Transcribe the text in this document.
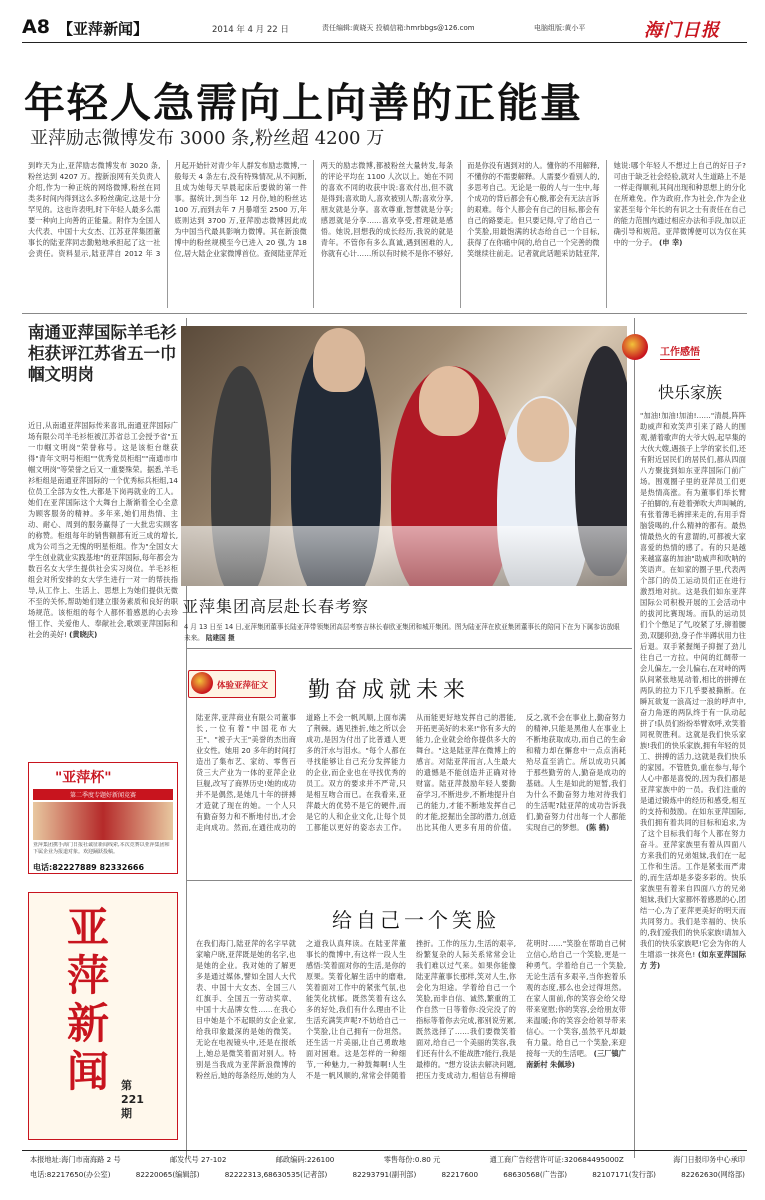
A8 【亚萍新闻】	2014 年 4 月 22 日	责任编辑:黄晓天 投稿信箱:hmrbbgs@126.com	电脑组版:黄小平	海门日报
年轻人急需向上向善的正能量
亚萍励志微博发布 3000 条,粉丝超 4200 万
到昨天为止,亚萍励志微博发布 3020 条,粉丝达到 4207 万。搜新浪网有关负责人介绍,作为一种正统的网络微博,粉丝在同类多时间内得到这么多粉丝确定,这是十分罕见的。这也许表明,时下年轻人最多么需要一种向上向善的正能量。附作为全国人大代表、中国十大女杰、江苏亚萍集团董事长的陆亚萍同志勤勉地承担起了这一社会责任。资料显示,陆亚萍自 2012 年 3 月起开始针对青少年人群发布励志微博,一般每天 4 条左右,没有特殊情况,从不间断,且成为她每天早晨起床后要做的第一件事。据统计,到当年 12 月份,她的粉丝达 100 万,而到去年 7 月暴增至 2500 万,年底则达到 3700 万,亚萍励志微博因此成为中国当代最具影响力微博。其在新浪微博中的粉丝规模至今已进入 20 强,为 18 位,居大陆企业家微博首位。查阅陆亚萍近两天的励志微博,都被粉丝大量转发,每条的评论平均在 1100 人次以上。她在不同的喜欢不同的收获中说:喜欢付出,但不就是得到;喜欢助人,喜欢被别人帮;喜欢分享,朋友就是分享。喜欢尊重,智慧就是分享;感恩就是分享……喜欢享受,哲理就是感悟。她说,回想我的成长经历,我说的就是青年。不管你有多么真诚,遇到困难的人,你就有心计……所以有时候不是你不够好,而是你没有遇到对的人。懂你的不用解释,不懂你的不需要解释。人需要少看别人的,多思考自己。无论是一般的人与一生中,每个成功的背后都会有心酸,都会有无法言诉的艰难。每个人都会有自己的目标,都会有自己的路要走。但只要记得,守了给自己一个笑脸,用最饱满的状态给自己一个目标,获得了在你痛中间的,给自己一个完善的微笑继续往前走。记者就此话题采访陆亚萍,她说:哪个年轻人不想过上自己的好日子?可由于缺乏社会经验,就对人生道路上不是一样走得顺利,其间出现和种思想上的分化在所难免。作为政府,作为社会,作为企业家甚至每个年长的有识之士有责任在自己的能力范围内通过相应办法和手段,加以正确引导和规范。亚萍微博便可以为仅在其中的一分子。 (申 幸)
南通亚萍国际羊毛衫柜获评江苏省五一巾帼文明岗
近日,从南通亚萍国际传来喜讯,南通亚萍国际广场有限公司羊毛衫柜被江苏省总工会授予省"五一巾帼文明岗"荣誉称号。这是该柜台继获得"青年文明号柜组""优秀党员柜组""南通市巾帼文明岗"等荣誉之后又一重要殊荣。据悉,羊毛衫柜组是南通亚萍国际的一个优秀标兵柜组,14位员工全部为女性,大都是下岗再就业的工人。她们在亚萍国际这个大舞台上渐渐着全心全意为顾客服务的精神。多年来,她们用热情、主动、耐心、周到的服务赢得了一大批忠实顾客的称赞。柜组每年的销售额都有近三成的增长,成为公司当之无愧的明星柜组。作为"全国女大学生创业就业实践基地"的亚萍国际,每年都会为数百名女大学生提供社会实习岗位。羊毛衫柜组会对所安排的女大学生进行一对一的帮扶指导,从工作上、生活上、思想上为她们提供无微不至的关怀,帮助她们建立服务素质和良好的职场规范。该柜组的每个人都怀着感恩的心去珍惜工作、关爱他人、奉献社会,歌颂亚萍国际和社会的美好! (黄晓庆)
"亚萍杯"
第二季度专题好新闻竞赛
亚萍集团携手海门日报社诚征新闻线索,本次竞赛以亚萍集团和下属企业为报道对象。欢迎踊跃投稿。
电话:82227889 82332666
亚萍新闻	第221期
亚萍集团高层赴长春考察
4 月 13 日至 14 日,亚萍集团董事长陆亚萍带领集团高层考察吉林长春欧亚集团和城开集团。图为陆亚萍在欧亚集团董事长的陪同下在为下属参访放眼未来。 陆建国 摄
体验亚萍征文 勤奋成就未来
陆亚萍,亚萍商业有限公司董事长,一位有着"中国花布大王"、"被子大王"美誉的杰出商业女性。她用 20 多年的时间打造出了集布艺、家纺、零售百货三大产业为一体的亚萍企业巨舰,改写了商界历史!她的成功并不是偶然,是她几十年的拼搏才造就了现在的她。一个人只有勤奋努力和不断地付出,才会走向成功。然而,在通往成功的道路上不会一帆风顺,上面布满了荆棘。遇见挫折,她之所以会成功,是因为付出了比普通人更多的汗水与泪水。"每个人都在寻找能够让自己充分发挥能力的企业,而企业也在寻找优秀的员工。双方的要求并不严苛,只是相互吻合而已。在我看来,亚萍最大的优势不是它的硬件,而是它的人和企业文化,让每个员工都能以更好的姿态去工作。从而能更好地发挥自己的潜能,开拓更美好的未来!"你有多大的能力,企业就会给你提供多大的舞台。"这是陆亚萍在微博上的感言。对陆亚萍而言,人生最大的遗憾是不能创造并正确对待财富。陆亚萍鼓励年轻人要勤奋学习,不断进步,不断地提升自己的能力,才能不断地发挥自己的才能,挖掘出全部的潜力,创造出比其他人更多有用的价值。反之,就不会在事业上,勤奋努力的精神,只能是黑他人在事业上不断地获取成功,而自己的生命和精力却在懈怠中一点点消耗殆尽直至消亡。所以成功只属于那些勤劳的人,勤奋是成功的基础。人生是如此的短暂,我们为什么不勤奋努力地对待我们的生活呢?陆亚萍的成功告诉我们,勤奋努力付出每一个人都能实现自己的梦想。 (陈 鹤)
给自己一个笑脸
在我们海门,陆亚萍的名字早就家喻户晓,亚萍既是她的名字,也是她的企业。我对她的了解更多是通过媒体,譬如全国人大代表、中国十大女杰、全国三八红旗手、全国五一劳动奖章、中国十大品牌女性……在我心目中她是个不起眼的女企业家,给我印象最深的是她的微笑。无论在电视镜头中,还是在报纸上,她总是微笑着面对别人。特别是当我成为亚萍新浪微博的粉丝后,她的每条经历,她的为人之道我认真拜读。在陆亚萍董事长的微博中,有这样一段人生感悟:笑着面对你的生活,是你的原果。笑着化解生活中的磨难,笑着面对工作中的紧张气氛,也能笑化扰郁。既然笑着有这么多的好处,我们有什么理由不让生活充满笑声呢?不妨给自己一个笑脸,让自己拥有一份坦然。还生活一片美丽,让自己勇敢地面对困难。这是怎样的一种细节,一种魅力,一种鼓舞啊!人生不是一帆风顺的,常常会伴随着挫折。工作的压力,生活的艰辛,纷繁复杂的人际关系常常会让我们难以过气来。如果你能像陆亚萍董事长那样,笑对人生,你会化为坦途。学着给自己一个笑脸,而非自信、诚然,繁重的工作自然一日等着你:没完没了的指标等着你去完成,都别说劳累,既然选择了……我们要微笑着面对,给自己一个美丽的笑容,我们还有什么不能战胜?能行,我是最棒的。"想方设法去解决问题,把压力变成动力,相信总有柳暗花明时……"笑脸在帮助自己树立信心,给自己一个笑脸,更是一种勇气。学着给自己一个笑脸,无论生活有多艰辛,当你抱着乐观的态度,那么也会过得坦然。在家人面前,你的笑容会给父母带来宽慰;你的笑容,会给朋友带来温暖;你的笑容会给领导带来信心。一个笑容,虽然平凡却最有力量。给自己一个笑脸,来迎接每一天的生活吧。 (三厂镇广南新村 朱佩珍)
工作感悟
快乐家族
"加油!加油!加油!……"清晨,阵阵助威声和欢笑声引来了路人的围观,循着歌声的大爷大妈,起早集的大伙大嫂,遇孩子上学的家长们,还有附近居民们的居民们,都从四面八方聚拢到如东亚萍国际门前广场。围观圈子里的亚萍员工们更是热情高涨。有为董事们举长臂子拍脚的,有趁着弹吹大声叫喊的,有张着薄毛裤摔来走的,有用手背脑袋喝的,什么精神的都有。最热情最热火的有意谓的,可都被大家喜爱的热情的感了。有的只是越来越富嘉的加油"助威声和吹呐的笑语声。在如家的圈子里,代表两个部门的员工运动员们正在进行激烈地对抗。这是我们如东亚萍国际公司积极开展的工会活动中的拔河比赛现场。而队的运动员们个个憋足了气,咬紧了牙,铆着腰劲,双腿卯劲,身子作半蹲状用力往后退。双手紧握绳子抑握了劲儿往自己一方拉。中间的红绸带一会儿偏左,一会儿偏右,在对峙的两队间紧张地晃动着,相比的拼搏在两队的拉力下几乎要被撕断。在瞬瓦欲复一浪高过一浪的呼声中,奋力角逐的两队终于有一队动起拼了!队员们纷纷举臂欢呼,欢笑着同祝贺胜利。这就是我们快乐家族!我们的快乐家族,拥有年轻的员工、拼搏的活力,这就是我们快乐的家园。不管胜负,重在参与,每个人心中都是喜悦的,因为我们都是亚萍家族中的一员。我们注重的是通过锻炼中的经历和感受,相互的支持和鼓励。在如东亚萍国际,我们拥有着共同的目标和追求,为了这个目标我们每个人都在努力奋斗。亚萍家族里有着从四面八方来我们的兄弟姐妹,我们在一起工作和生活。工作是紧张而严肃的,而生活却是多姿多彩的。快乐家族里有着来自四面八方的兄弟姐妹,我们大家都怀着感恩的心,团结一心,为了亚萍更美好的明天而共同努力。我们是幸福的、快乐的,我们爱我们的快乐家族!请加入我们的快乐家族吧!它会为你的人生增添一抹亮色! (如东亚萍国际 方 芳)
本报地址:海门市南海路 2 号	邮发代号 27-102	邮政编码:226100	零售每份:0.80 元	通工商广告经营许可证:320684495000Z	海门日报印务中心承印
电话:82217650(办公室)	82220065(编辑部)	82222313,68630535(记者部)	82293791(副刊部)	82217600	68630568(广告部)	82107171(发行部)	82262630(网络部)
